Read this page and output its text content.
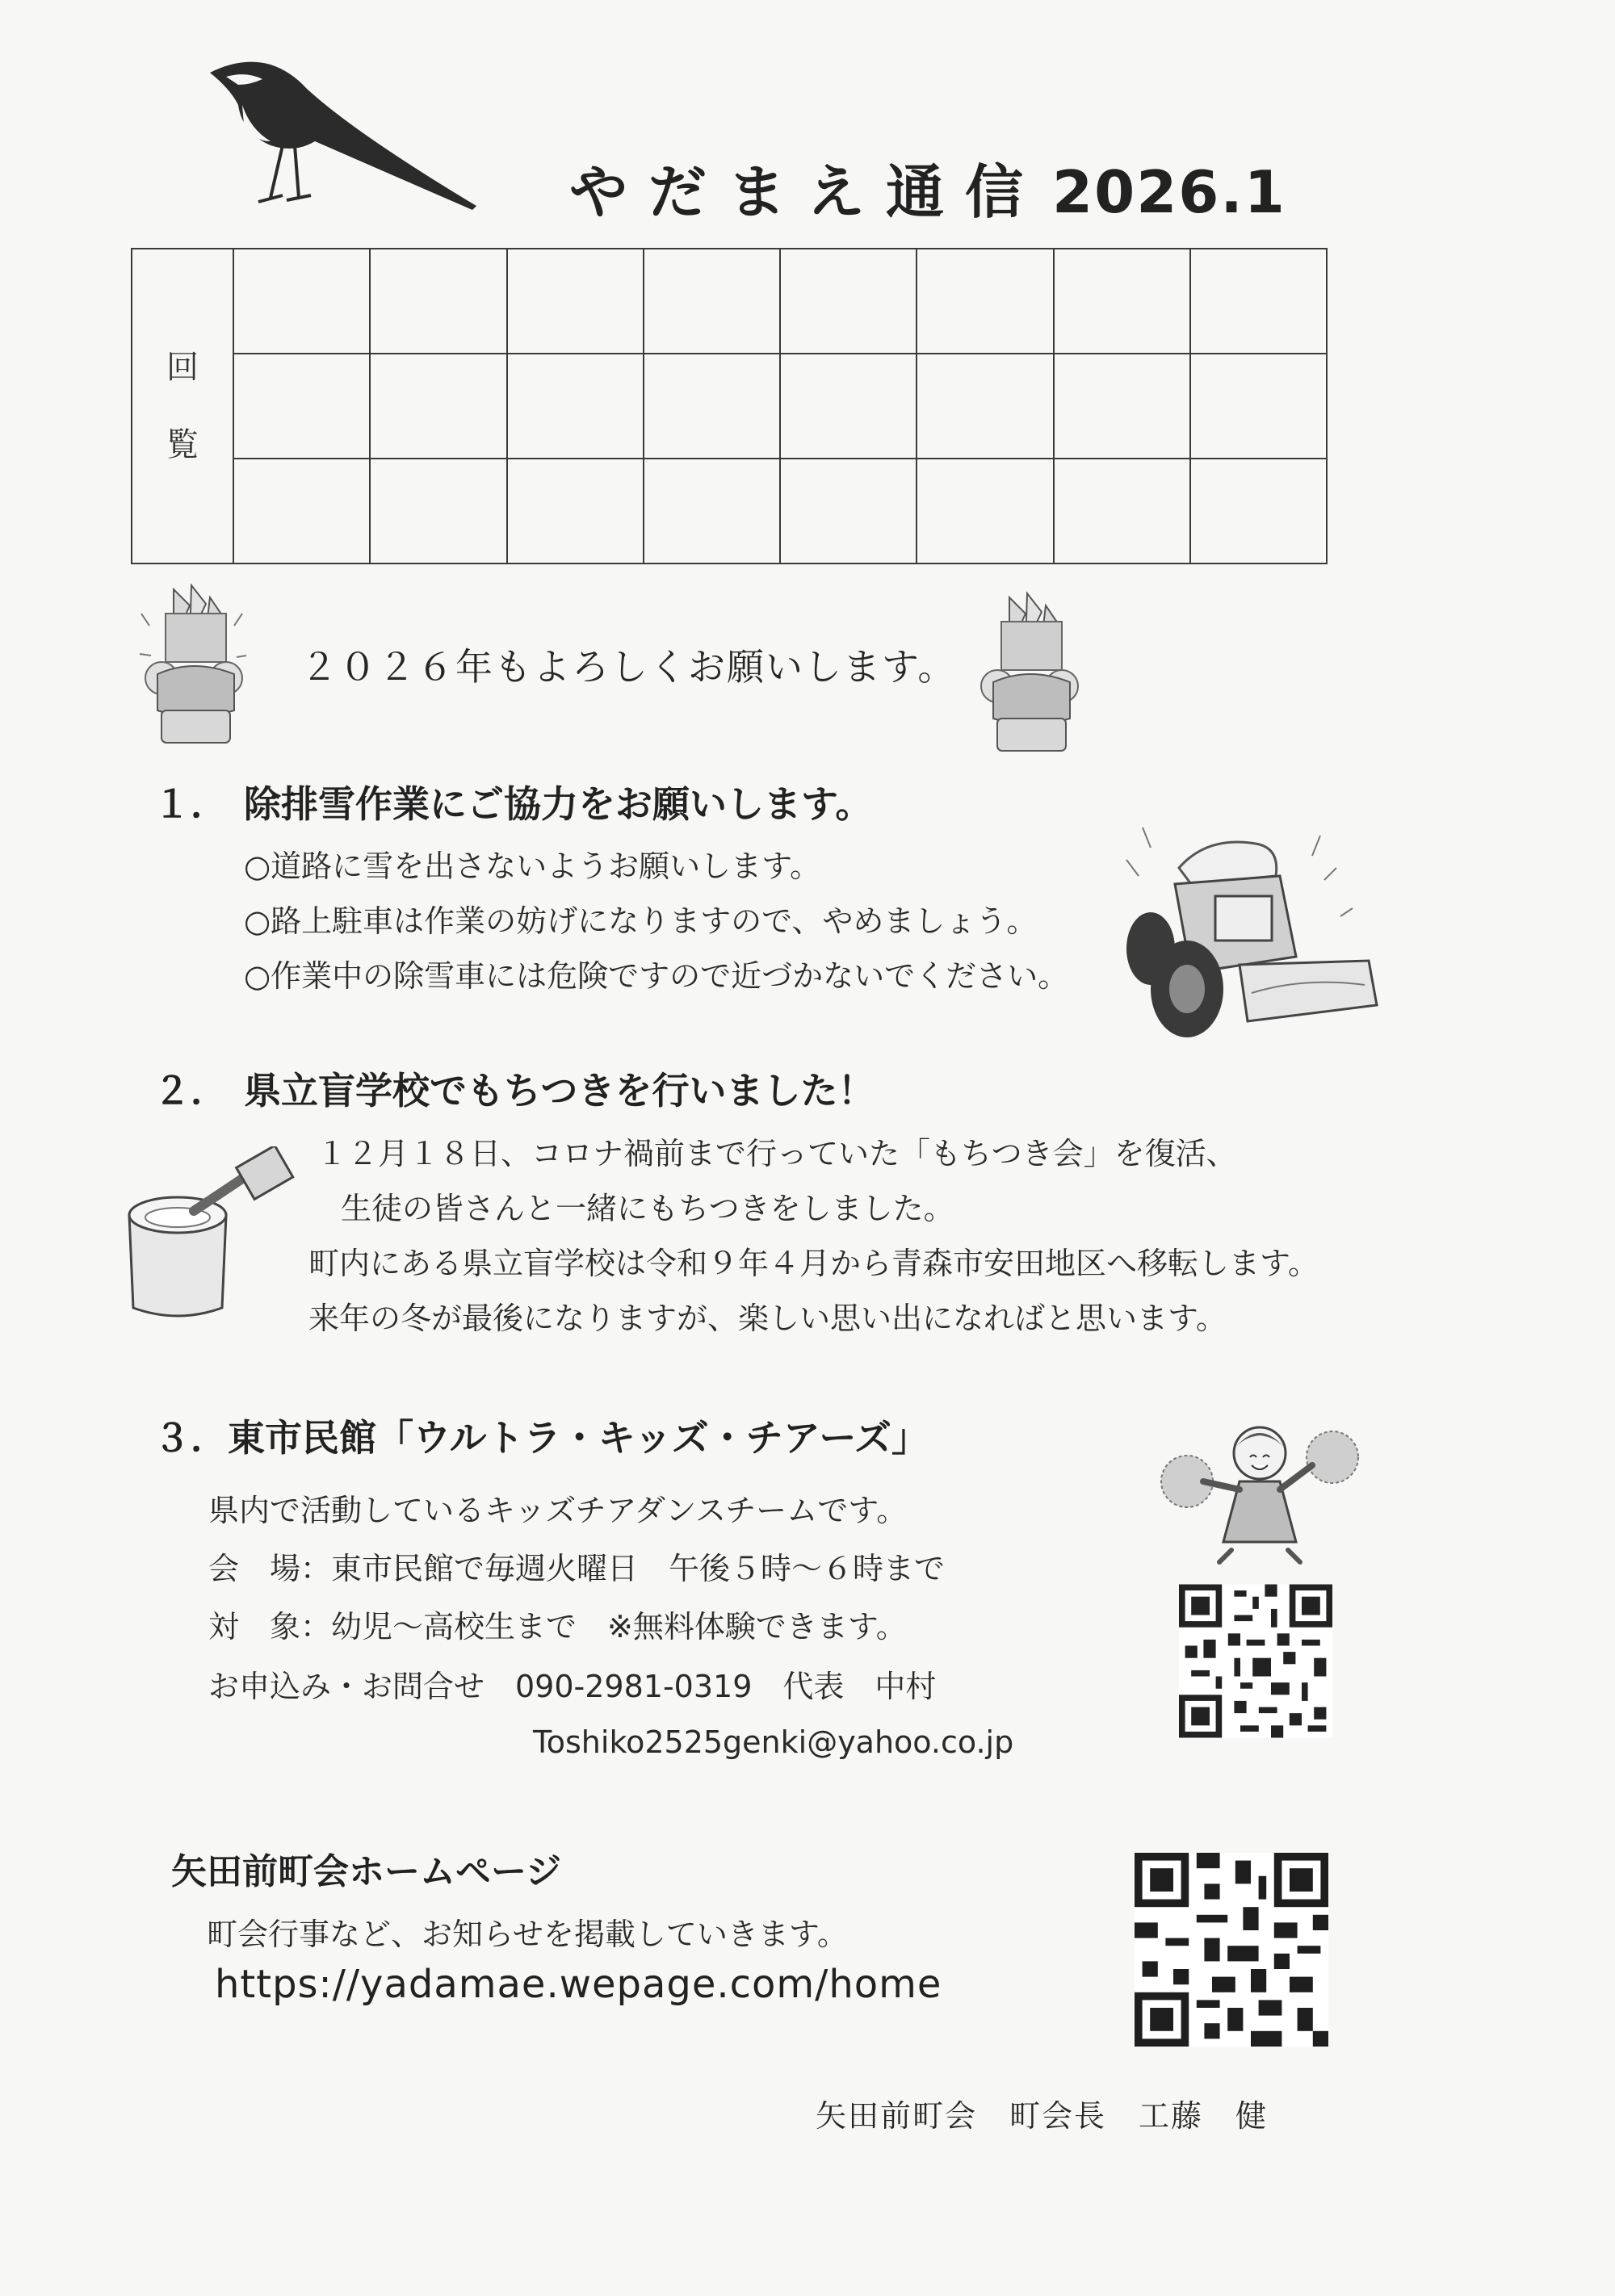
やだまえ通信 2026.1
回
覧								

２０２６年もよろしくお願いします。
１． 除排雪作業にご協力をお願いします。
○道路に雪を出さないようお願いします。
○路上駐車は作業の妨げになりますので、やめましょう。
○作業中の除雪車には危険ですので近づかないでください。
２． 県立盲学校でもちつきを行いました！
１２月１８日、コロナ禍前まで行っていた「もちつき会」を復活、
生徒の皆さんと一緒にもちつきをしました。
町内にある県立盲学校は令和９年４月から青森市安田地区へ移転します。
来年の冬が最後になりますが、楽しい思い出になればと思います。
３．東市民館「ウルトラ・キッズ・チアーズ」
県内で活動しているキッズチアダンスチームです。
会　場：東市民館で毎週火曜日　午後５時～６時まで
対　象：幼児～高校生まで　※無料体験できます。
お申込み・お問合せ　090-2981-0319　代表　中村
Toshiko2525genki@yahoo.co.jp
矢田前町会ホームページ
町会行事など、お知らせを掲載していきます。
https://yadamae.wepage.com/home
矢田前町会　町会長　工藤　健
